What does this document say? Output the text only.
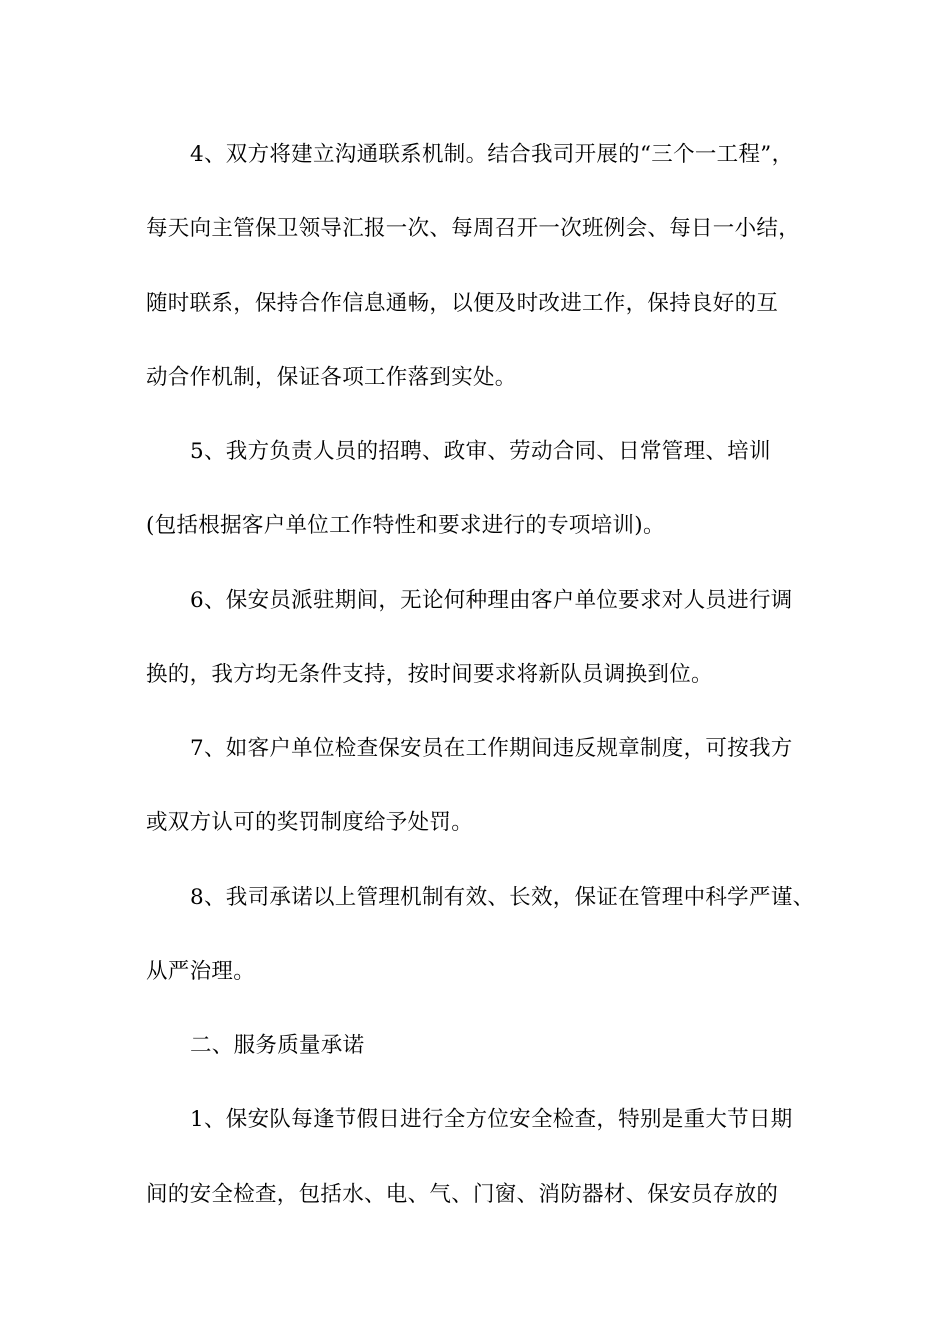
4、双方将建立沟通联系机制。结合我司开展的“三个一工程”，
每天向主管保卫领导汇报一次、每周召开一次班例会、每日一小结，
随时联系，保持合作信息通畅，以便及时改进工作，保持良好的互
动合作机制，保证各项工作落到实处。
5、我方负责人员的招聘、政审、劳动合同、日常管理、培训
(包括根据客户单位工作特性和要求进行的专项培训)。
6、保安员派驻期间，无论何种理由客户单位要求对人员进行调
换的，我方均无条件支持，按时间要求将新队员调换到位。
7、如客户单位检查保安员在工作期间违反规章制度，可按我方
或双方认可的奖罚制度给予处罚。
8、我司承诺以上管理机制有效、长效，保证在管理中科学严谨、
从严治理。
二、服务质量承诺
1、保安队每逢节假日进行全方位安全检查，特别是重大节日期
间的安全检查，包括水、电、气、门窗、消防器材、保安员存放的
